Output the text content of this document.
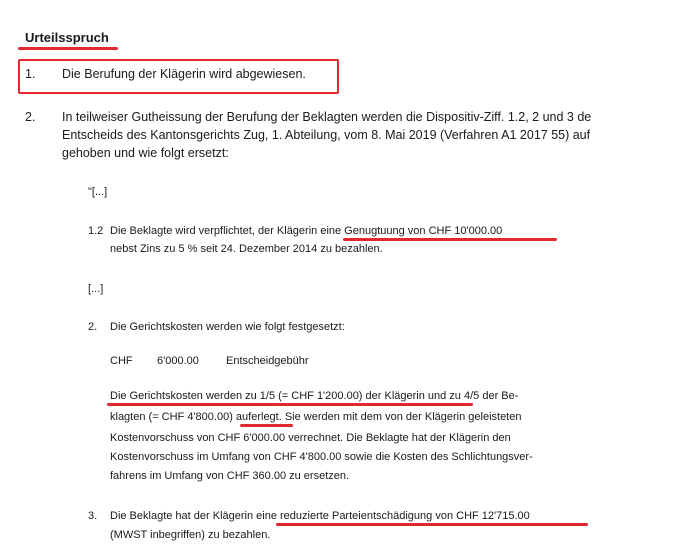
Urteilsspruch
1. Die Berufung der Klägerin wird abgewiesen.
2. In teilweiser Gutheissung der Berufung der Beklagten werden die Dispositiv-Ziff. 1.2, 2 und 3 de
Entscheids des Kantonsgerichts Zug, 1. Abteilung, vom 8. Mai 2019 (Verfahren A1 2017 55) auf
gehoben und wie folgt ersetzt:
"[...]
1.2 Die Beklagte wird verpflichtet, der Klägerin eine Genugtuung von CHF 10'000.00
nebst Zins zu 5 % seit 24. Dezember 2014 zu bezahlen.
[...]
2. Die Gerichtskosten werden wie folgt festgesetzt:
CHF 6'000.00 Entscheidgebühr
Die Gerichtskosten werden zu 1/5 (= CHF 1'200.00) der Klägerin und zu 4/5 der Be-
klagten (= CHF 4'800.00) auferlegt. Sie werden mit dem von der Klägerin geleisteten
Kostenvorschuss von CHF 6'000.00 verrechnet. Die Beklagte hat der Klägerin den
Kostenvorschuss im Umfang von CHF 4'800.00 sowie die Kosten des Schlichtungsver-
fahrens im Umfang von CHF 360.00 zu ersetzen.
3. Die Beklagte hat der Klägerin eine reduzierte Parteientschädigung von CHF 12'715.00
(MWST inbegriffen) zu bezahlen.
